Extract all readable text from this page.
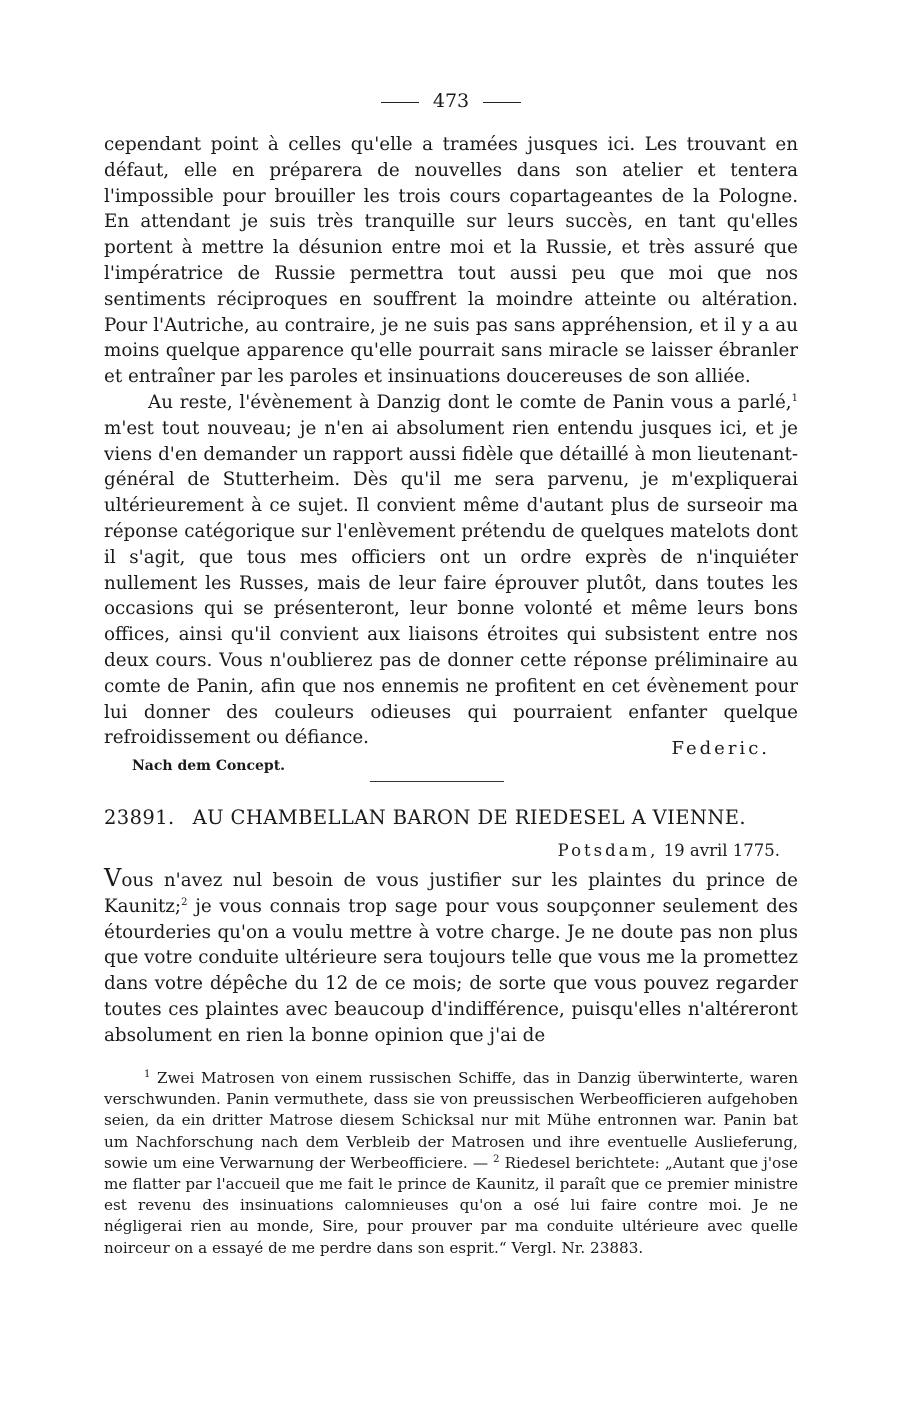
473

cependant point à celles qu'elle a tramées jusques ici. Les trouvant en défaut, elle en préparera de nouvelles dans son atelier et tentera l'impossible pour brouiller les trois cours copartageantes de la Pologne. En attendant je suis très tranquille sur leurs succès, en tant qu'elles portent à mettre la désunion entre moi et la Russie, et très assuré que l'impératrice de Russie permettra tout aussi peu que moi que nos sentiments réciproques en souffrent la moindre atteinte ou altération. Pour l'Autriche, au contraire, je ne suis pas sans appréhension, et il y a au moins quelque apparence qu'elle pourrait sans miracle se laisser ébranler et entraîner par les paroles et insinuations doucereuses de son alliée.

Au reste, l'évènement à Danzig dont le comte de Panin vous a parlé,$^1$ m'est tout nouveau; je n'en ai absolument rien entendu jusques ici, et je viens d'en demander un rapport aussi fidèle que détaillé à mon lieutenant-général de Stutterheim. Dès qu'il me sera parvenu, je m'expliquerai ultérieurement à ce sujet. Il convient même d'autant plus de surseoir ma réponse catégorique sur l'enlèvement prétendu de quelques matelots dont il s'agit, que tous mes officiers ont un ordre exprès de n'inquiéter nullement les Russes, mais de leur faire éprouver plutôt, dans toutes les occasions qui se présenteront, leur bonne volonté et même leurs bons offices, ainsi qu'il convient aux liaisons étroites qui subsistent entre nos deux cours. Vous n'oublierez pas de donner cette réponse préliminaire au comte de Panin, afin que nos ennemis ne profitent en cet évènement pour lui donner des couleurs odieuses qui pourraient enfanter quelque refroidissement ou défiance.

Federic.
Nach dem Concept.
23891. AU CHAMBELLAN BARON DE RIEDESEL A VIENNE.
Potsdam, 19 avril 1775.
Vous n'avez nul besoin de vous justifier sur les plaintes du prince de Kaunitz;$^2$ je vous connais trop sage pour vous soupçonner seulement des étourderies qu'on a voulu mettre à votre charge. Je ne doute pas non plus que votre conduite ultérieure sera toujours telle que vous me la promettez dans votre dépêche du 12 de ce mois; de sorte que vous pouvez regarder toutes ces plaintes avec beaucoup d'indifférence, puisqu'elles n'altéreront absolument en rien la bonne opinion que j'ai de

$^1$ Zwei Matrosen von einem russischen Schiffe, das in Danzig überwinterte, waren verschwunden. Panin vermuthete, dass sie von preussischen Werbeofficieren aufgehoben seien, da ein dritter Matrose diesem Schicksal nur mit Mühe entronnen war. Panin bat um Nachforschung nach dem Verbleib der Matrosen und ihre eventuelle Auslieferung, sowie um eine Verwarnung der Werbeofficiere. — $^2$ Riedesel berichtete: „Autant que j'ose me flatter par l'accueil que me fait le prince de Kaunitz, il paraît que ce premier ministre est revenu des insinuations calomnieuses qu'on a osé lui faire contre moi. Je ne négligerai rien au monde, Sire, pour prouver par ma conduite ultérieure avec quelle noirceur on a essayé de me perdre dans son esprit.“ Vergl. Nr. 23883.
